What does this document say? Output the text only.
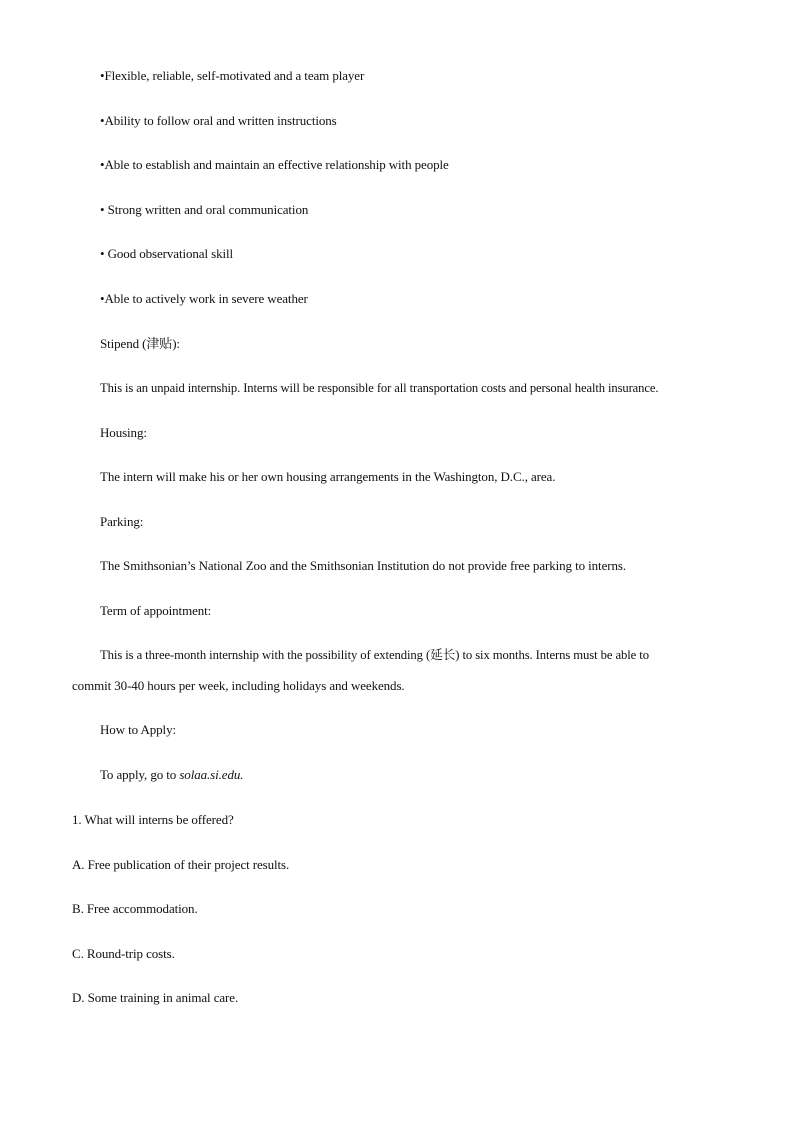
•Flexible, reliable, self-motivated and a team player
•Ability to follow oral and written instructions
•Able to establish and maintain an effective relationship with people
• Strong written and oral communication
• Good observational skill
•Able to actively work in severe weather
Stipend (津贴):
This is an unpaid internship. Interns will be responsible for all transportation costs and personal health insurance.
Housing:
The intern will make his or her own housing arrangements in the Washington, D.C., area.
Parking:
The Smithsonian’s National Zoo and the Smithsonian Institution do not provide free parking to interns.
Term of appointment:
This is a three-month internship with the possibility of extending (延长) to six months. Interns must be able to
commit 30-40 hours per week, including holidays and weekends.
How to Apply:
To apply, go to solaa.si.edu.
1. What will interns be offered?
A. Free publication of their project results.
B. Free accommodation.
C. Round-trip costs.
D. Some training in animal care.
